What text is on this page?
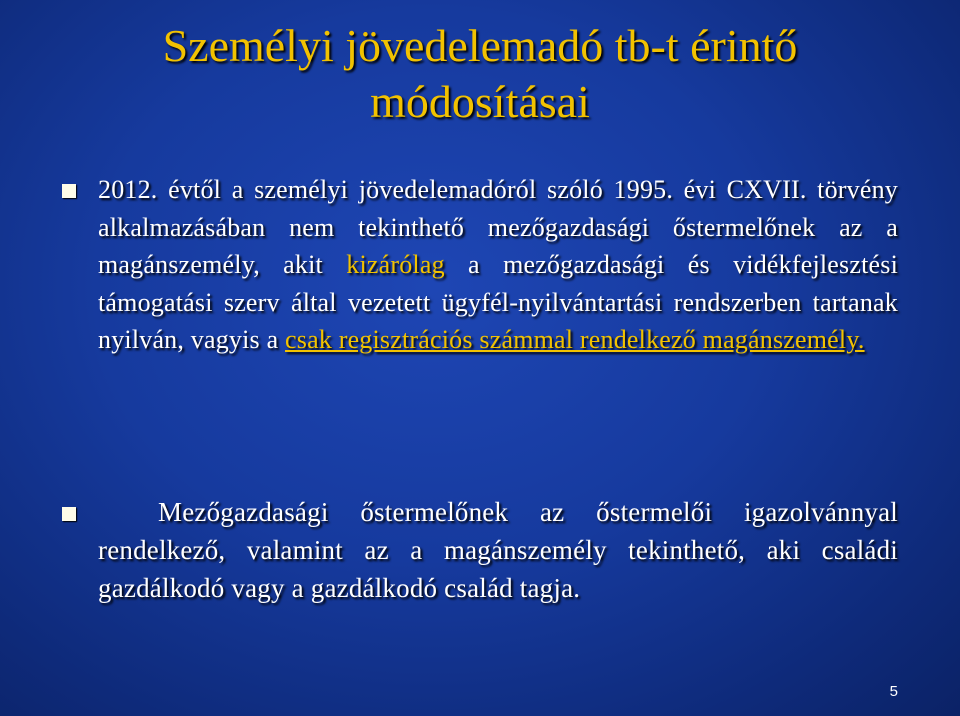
Személyi jövedelemadó tb-t érintő
módosításai
2012. évtől a személyi jövedelemadóról szóló 1995. évi CXVII. törvény alkalmazásában nem tekinthető mezőgazdasági őstermelőnek az a magánszemély, akit kizárólag a mezőgazdasági és vidékfejlesztési támogatási szerv által vezetett ügyfél-nyilvántartási rendszerben tartanak nyilván, vagyis a csak regisztrációs számmal rendelkező magánszemély.
Mezőgazdasági őstermelőnek az őstermelői igazolvánnyal rendelkező, valamint az a magánszemély tekinthető, aki családi gazdálkodó vagy a gazdálkodó család tagja.
5
